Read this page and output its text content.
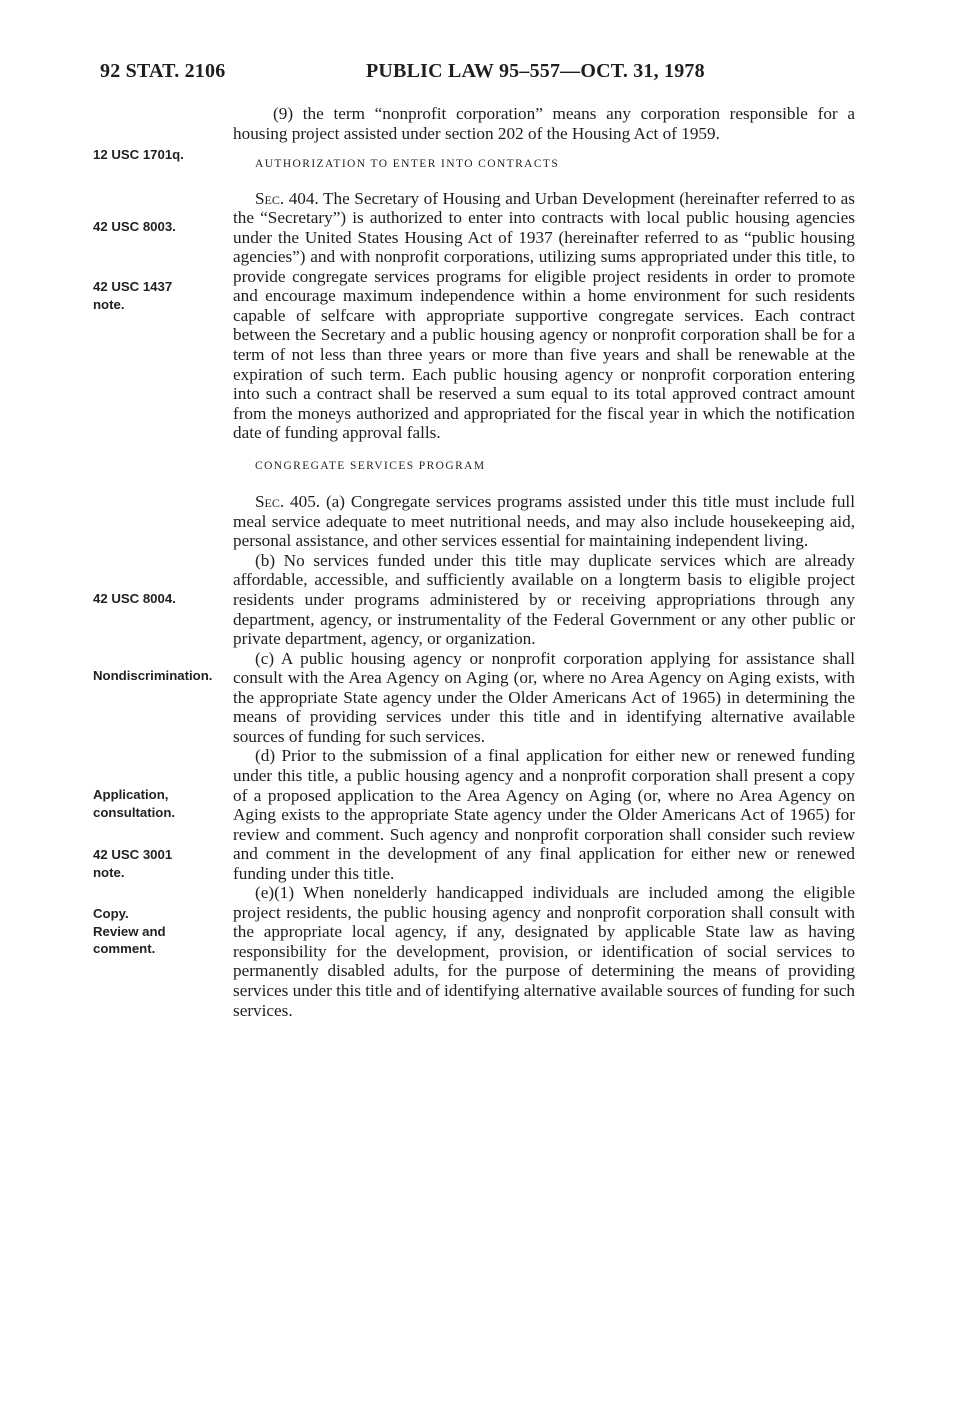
92 STAT. 2106	PUBLIC LAW 95–557—OCT. 31, 1978
12 USC 1701q.
42 USC 8003.
42 USC 1437
note.
42 USC 8004.
Nondiscrimination.
Application,
consultation.
42 USC 3001
note.
Copy.
Review and
comment.

(9) the term “nonprofit corporation” means any corporation responsible for a housing project assisted under section 202 of the Housing Act of 1959.

AUTHORIZATION TO ENTER INTO CONTRACTS

Sec. 404. The Secretary of Housing and Urban Development (hereinafter referred to as the “Secretary”) is authorized to enter into contracts with local public housing agencies under the United States Housing Act of 1937 (hereinafter referred to as “public housing agencies”) and with nonprofit corporations, utilizing sums appropriated under this title, to provide congregate services programs for eligible project residents in order to promote and encourage maximum independence within a home environment for such residents capable of selfcare with appropriate supportive congregate services. Each contract between the Secretary and a public housing agency or nonprofit corporation shall be for a term of not less than three years or more than five years and shall be renewable at the expiration of such term. Each public housing agency or nonprofit corporation entering into such a contract shall be reserved a sum equal to its total approved contract amount from the moneys authorized and appropriated for the fiscal year in which the notification date of funding approval falls.

CONGREGATE SERVICES PROGRAM

Sec. 405. (a) Congregate services programs assisted under this title must include full meal service adequate to meet nutritional needs, and may also include housekeeping aid, personal assistance, and other services essential for maintaining independent living.

(b) No services funded under this title may duplicate services which are already affordable, accessible, and sufficiently available on a longterm basis to eligible project residents under programs administered by or receiving appropriations through any department, agency, or instrumentality of the Federal Government or any other public or private department, agency, or organization.

(c) A public housing agency or nonprofit corporation applying for assistance shall consult with the Area Agency on Aging (or, where no Area Agency on Aging exists, with the appropriate State agency under the Older Americans Act of 1965) in determining the means of providing services under this title and in identifying alternative available sources of funding for such services.

(d) Prior to the submission of a final application for either new or renewed funding under this title, a public housing agency and a nonprofit corporation shall present a copy of a proposed application to the Area Agency on Aging (or, where no Area Agency on Aging exists to the appropriate State agency under the Older Americans Act of 1965) for review and comment. Such agency and nonprofit corporation shall consider such review and comment in the development of any final application for either new or renewed funding under this title.

(e)(1) When nonelderly handicapped individuals are included among the eligible project residents, the public housing agency and nonprofit corporation shall consult with the appropriate local agency, if any, designated by applicable State law as having responsibility for the development, provision, or identification of social services to permanently disabled adults, for the purpose of determining the means of providing services under this title and of identifying alternative available sources of funding for such services.
